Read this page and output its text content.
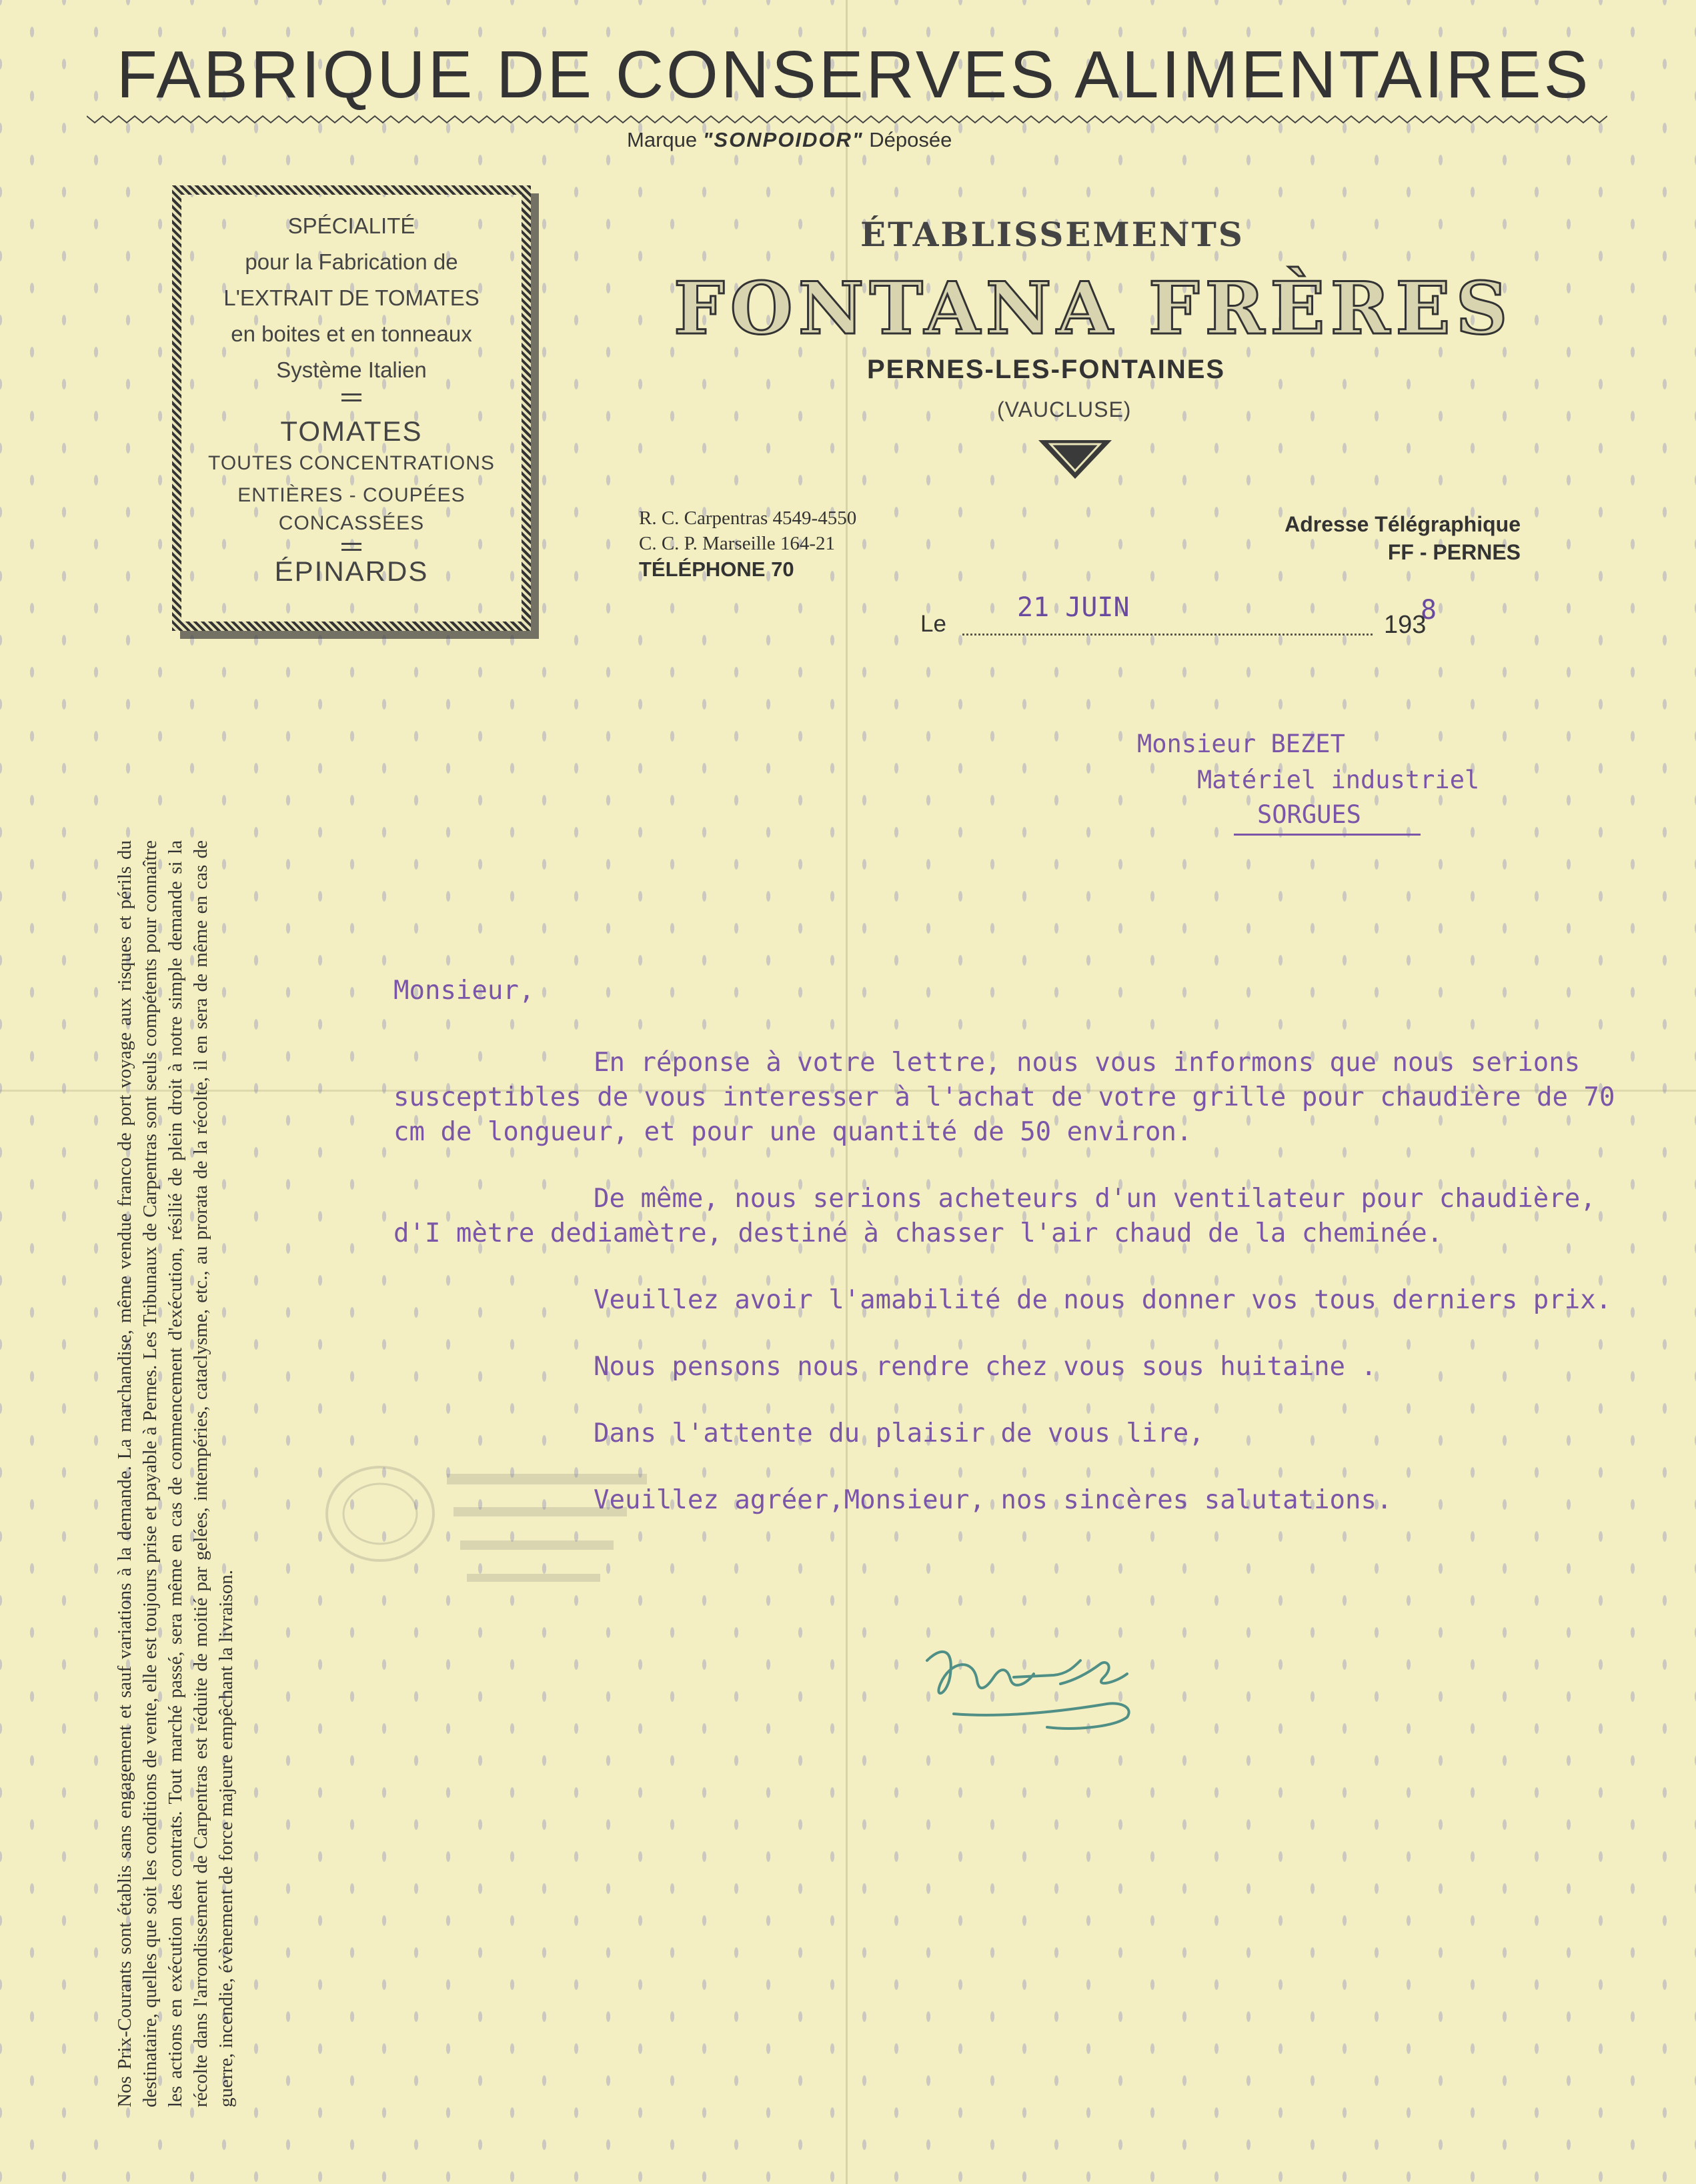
FABRIQUE DE CONSERVES ALIMENTAIRES
Marque "SONPOIDOR" Déposée
SPÉCIALITÉ
pour la Fabrication de
L'EXTRAIT DE TOMATES
en boites et en tonneaux
Système Italien
TOMATES
TOUTES CONCENTRATIONS
ENTIÈRES - COUPÉES
CONCASSÉES
ÉPINARDS
ÉTABLISSEMENTS
FONTANA FRÈRES
PERNES-LES-FONTAINES
(VAUCLUSE)
R. C. Carpentras 4549-4550
C. C. P. Marseille 164-21
TÉLÉPHONE 70
Adresse Télégraphique
FF - PERNES
Le
21 JUIN
193
8
Monsieur BEZET
Matériel industriel
SORGUES

Monsieur,

En réponse à votre lettre, nous vous informons que nous serions susceptibles de vous interesser à l'achat de votre grille pour chaudière de 70 cm de longueur, et pour une quantité de 50 environ.

De même, nous serions acheteurs d'un ventilateur pour chaudière, d'I mètre dediamètre, destiné à chasser l'air chaud de la cheminée.

Veuillez avoir l'amabilité de nous donner vos tous derniers prix.

Nous pensons nous rendre chez vous sous huitaine .

Dans l'attente du plaisir de vous lire,

Veuillez agréer,Monsieur, nos sincères salutations.

Nos Prix-Courants sont établis sans engagement et sauf variations à la demande. La marchandise, même vendue franco de port voyage aux risques et périls du destinataire, quelles que soit les conditions de vente, elle est toujours prise et payable à Pernes. Les Tribunaux de Carpentras sont seuls compétents pour connaître les actions en exécution des contrats. Tout marché passé, sera même en cas de commencement d'exécution, résilié de plein droit à notre simple demande si la récolte dans l'arrondissement de Carpentras est réduite de moitié par gelées, intempéries, cataclysme, etc., au prorata de la récolte, il en sera de même en cas de guerre, incendie, évènement de force majeure empêchant la livraison.
